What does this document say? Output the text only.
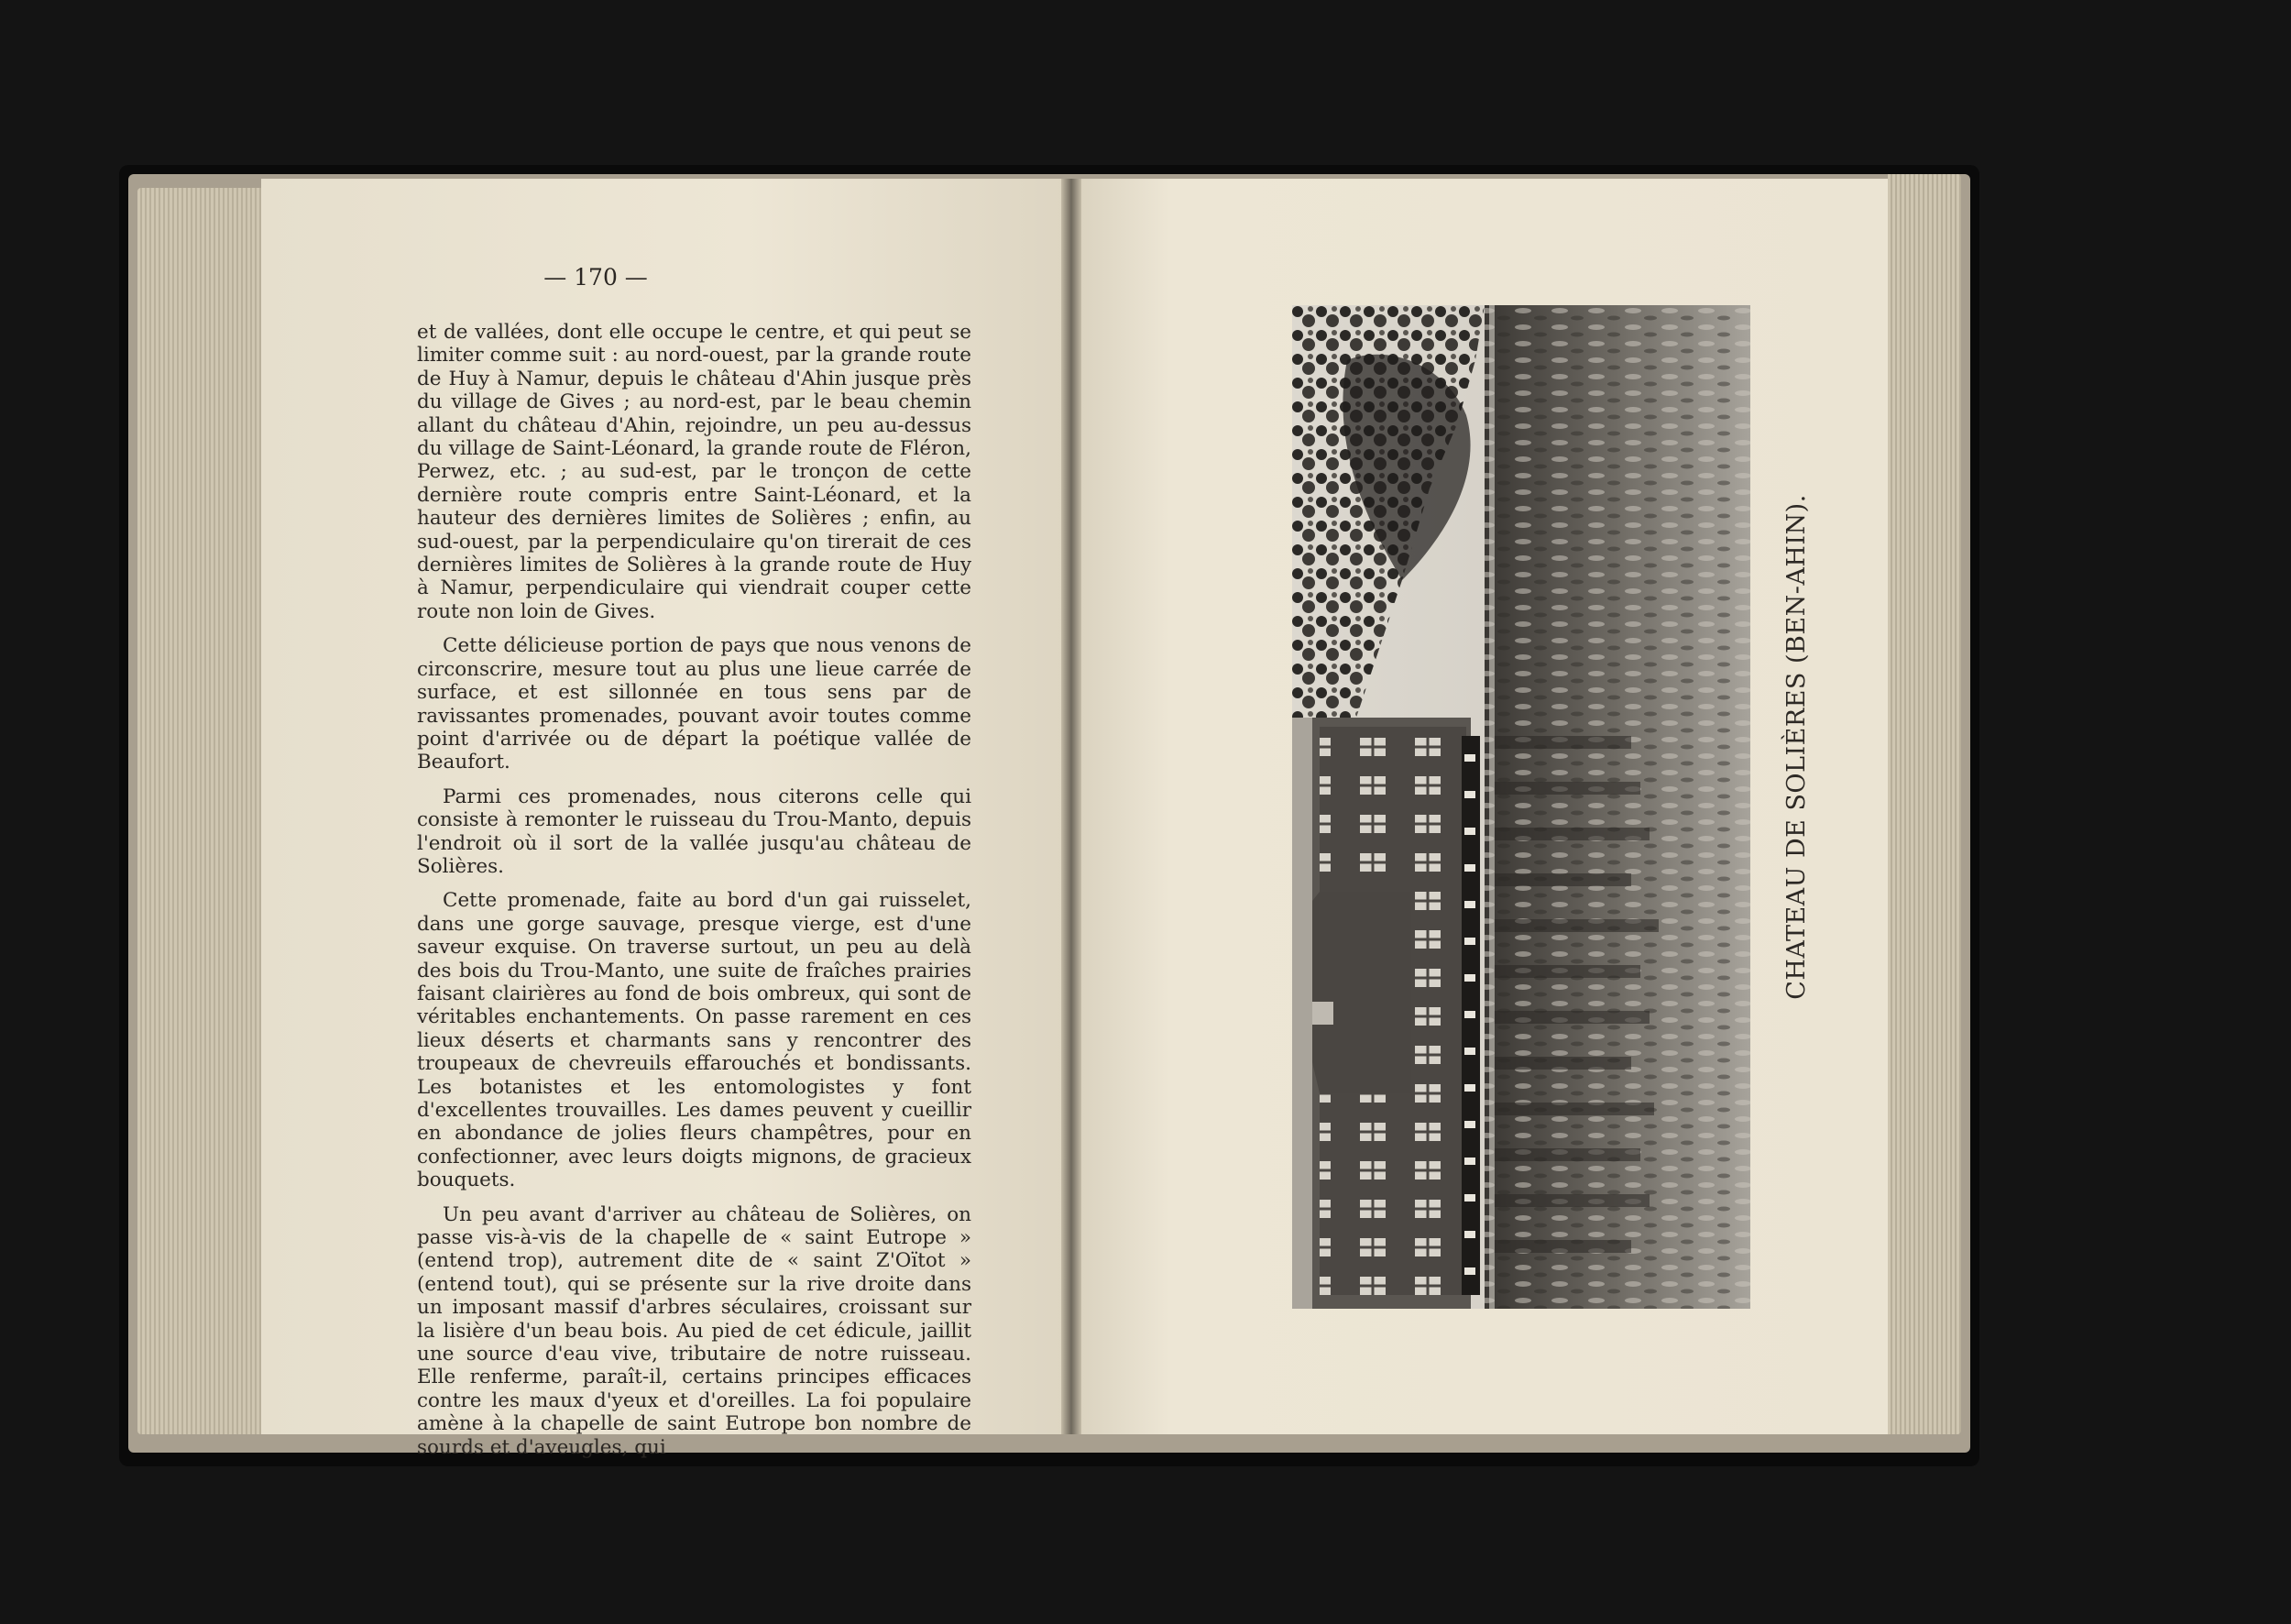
— 170 —

et de vallées, dont elle occupe le centre, et qui peut se limiter comme suit : au nord-ouest, par la grande route de Huy à Namur, depuis le château d'Ahin jusque près du village de Gives ; au nord-est, par le beau chemin allant du château d'Ahin, rejoindre, un peu au-dessus du village de Saint-Léonard, la grande route de Fléron, Perwez, etc. ; au sud-est, par le tronçon de cette dernière route compris entre Saint-Léonard, et la hauteur des dernières limites de Solières ; enfin, au sud-ouest, par la perpendiculaire qu'on tirerait de ces dernières limites de Solières à la grande route de Huy à Namur, perpendiculaire qui viendrait couper cette route non loin de Gives.

Cette délicieuse portion de pays que nous venons de circonscrire, mesure tout au plus une lieue carrée de surface, et est sillonnée en tous sens par de ravissantes promenades, pouvant avoir toutes comme point d'arrivée ou de départ la poétique vallée de Beaufort.

Parmi ces promenades, nous citerons celle qui consiste à remonter le ruisseau du Trou-Manto, depuis l'endroit où il sort de la vallée jusqu'au château de Solières.

Cette promenade, faite au bord d'un gai ruisselet, dans une gorge sauvage, presque vierge, est d'une saveur exquise. On traverse surtout, un peu au delà des bois du Trou-Manto, une suite de fraîches prairies faisant clairières au fond de bois ombreux, qui sont de véritables enchantements. On passe rarement en ces lieux déserts et charmants sans y rencontrer des troupeaux de chevreuils effarouchés et bondissants. Les botanistes et les entomologistes y font d'excellentes trouvailles. Les dames peuvent y cueillir en abondance de jolies fleurs champêtres, pour en confectionner, avec leurs doigts mignons, de gracieux bouquets.

Un peu avant d'arriver au château de Solières, on passe vis-à-vis de la chapelle de « saint Eutrope » (entend trop), autrement dite de « saint Z'Oïtot » (entend tout), qui se présente sur la rive droite dans un imposant massif d'arbres séculaires, croissant sur la lisière d'un beau bois. Au pied de cet édicule, jaillit une source d'eau vive, tributaire de notre ruisseau. Elle renferme, paraît-il, certains principes efficaces contre les maux d'yeux et d'oreilles. La foi populaire amène à la chapelle de saint Eutrope bon nombre de sourds et d'aveugles, qui

CHATEAU DE SOLIÈRES (BEN-AHIN).
